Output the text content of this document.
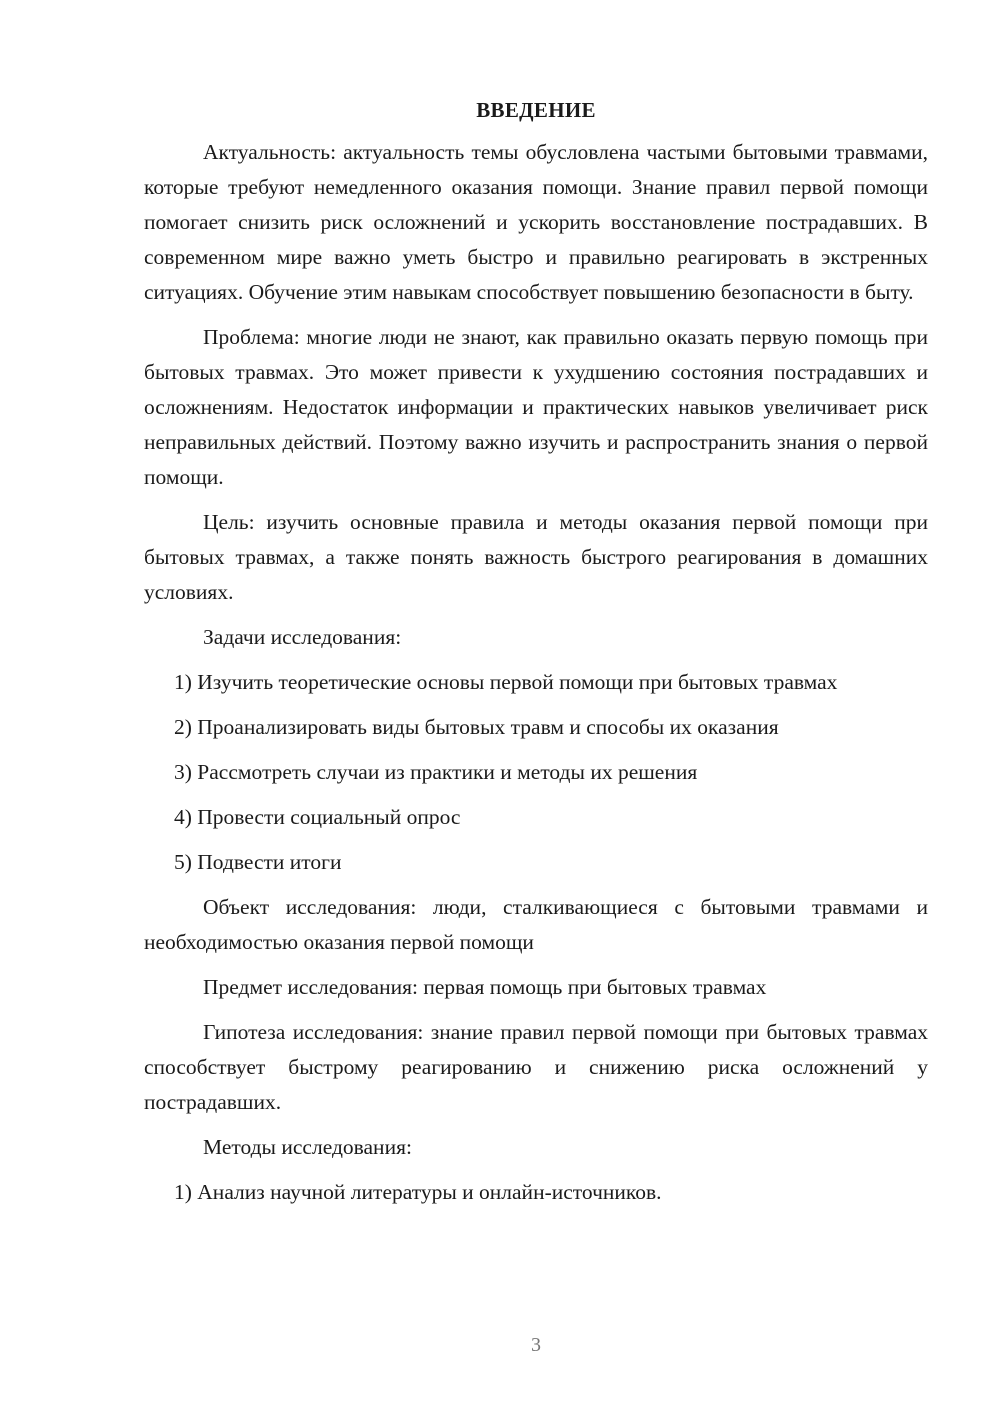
ВВЕДЕНИЕ

Актуальность: актуальность темы обусловлена частыми бытовыми травмами, которые требуют немедленного оказания помощи. Знание правил первой помощи помогает снизить риск осложнений и ускорить восстановление пострадавших. В современном мире важно уметь быстро и правильно реагировать в экстренных ситуациях. Обучение этим навыкам способствует повышению безопасности в быту.

Проблема: многие люди не знают, как правильно оказать первую помощь при бытовых травмах. Это может привести к ухудшению состояния пострадавших и осложнениям. Недостаток информации и практических навыков увеличивает риск неправильных действий. Поэтому важно изучить и распространить знания о первой помощи.

Цель: изучить основные правила и методы оказания первой помощи при бытовых травмах, а также понять важность быстрого реагирования в домашних условиях.

Задачи исследования:

1) Изучить теоретические основы первой помощи при бытовых травмах

2) Проанализировать виды бытовых травм и способы их оказания

3) Рассмотреть случаи из практики и методы их решения

4) Провести социальный опрос

5) Подвести итоги

Объект исследования: люди, сталкивающиеся с бытовыми травмами и необходимостью оказания первой помощи

Предмет исследования: первая помощь при бытовых травмах

Гипотеза исследования: знание правил первой помощи при бытовых травмах способствует быстрому реагированию и снижению риска осложнений у пострадавших.

Методы исследования:

1) Анализ научной литературы и онлайн-источников.

3
